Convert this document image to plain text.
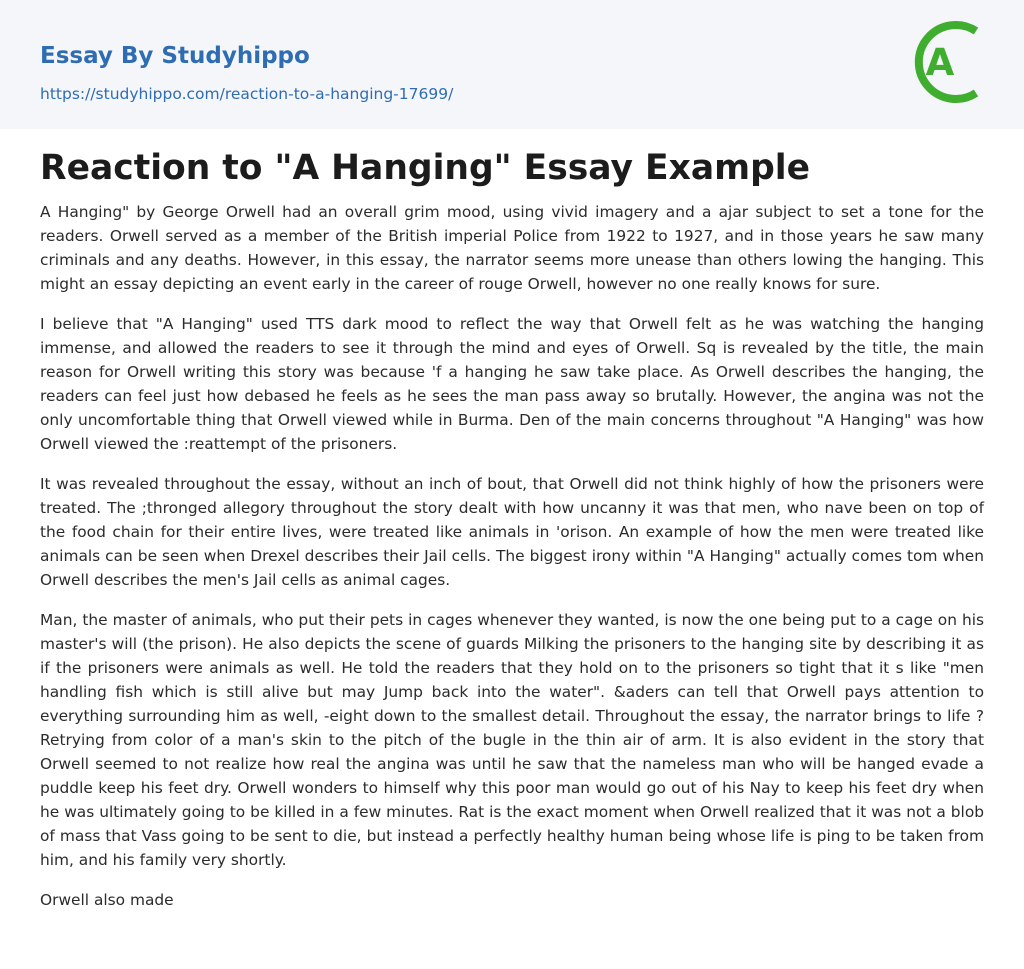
Essay By Studyhippo
https://studyhippo.com/reaction-to-a-hanging-17699/
A
Reaction to "A Hanging" Essay Example

A Hanging" by George Orwell had an overall grim mood, using vivid imagery and a ajar subject to set a tone for the readers. Orwell served as a member of the British imperial Police from 1922 to 1927, and in those years he saw many criminals and any deaths. However, in this essay, the narrator seems more unease than others lowing the hanging. This might an essay depicting an event early in the career of rouge Orwell, however no one really knows for sure.

I believe that "A Hanging" used TTS dark mood to reflect the way that Orwell felt as he was watching the hanging immense, and allowed the readers to see it through the mind and eyes of Orwell. Sq is revealed by the title, the main reason for Orwell writing this story was because 'f a hanging he saw take place. As Orwell describes the hanging, the readers can feel just how debased he feels as he sees the man pass away so brutally. However, the angina was not the only uncomfortable thing that Orwell viewed while in Burma. Den of the main concerns throughout "A Hanging" was how Orwell viewed the :reattempt of the prisoners.

It was revealed throughout the essay, without an inch of bout, that Orwell did not think highly of how the prisoners were treated. The ;thronged allegory throughout the story dealt with how uncanny it was that men, who nave been on top of the food chain for their entire lives, were treated like animals in 'orison. An example of how the men were treated like animals can be seen when Drexel describes their Jail cells. The biggest irony within "A Hanging" actually comes tom when Orwell describes the men's Jail cells as animal cages.

Man, the master of animals, who put their pets in cages whenever they wanted, is now the one being put to a cage on his master's will (the prison). He also depicts the scene of guards Milking the prisoners to the hanging site by describing it as if the prisoners were animals as well. He told the readers that they hold on to the prisoners so tight that it s like "men handling fish which is still alive but may Jump back into the water". &aders can tell that Orwell pays attention to everything surrounding him as well, -eight down to the smallest detail. Throughout the essay, the narrator brings to life ? Retrying from color of a man's skin to the pitch of the bugle in the thin air of arm. It is also evident in the story that Orwell seemed to not realize how real the angina was until he saw that the nameless man who will be hanged evade a puddle keep his feet dry. Orwell wonders to himself why this poor man would go out of his Nay to keep his feet dry when he was ultimately going to be killed in a few minutes. Rat is the exact moment when Orwell realized that it was not a blob of mass that Vass going to be sent to die, but instead a perfectly healthy human being whose life is ping to be taken from him, and his family very shortly.

Orwell also made
